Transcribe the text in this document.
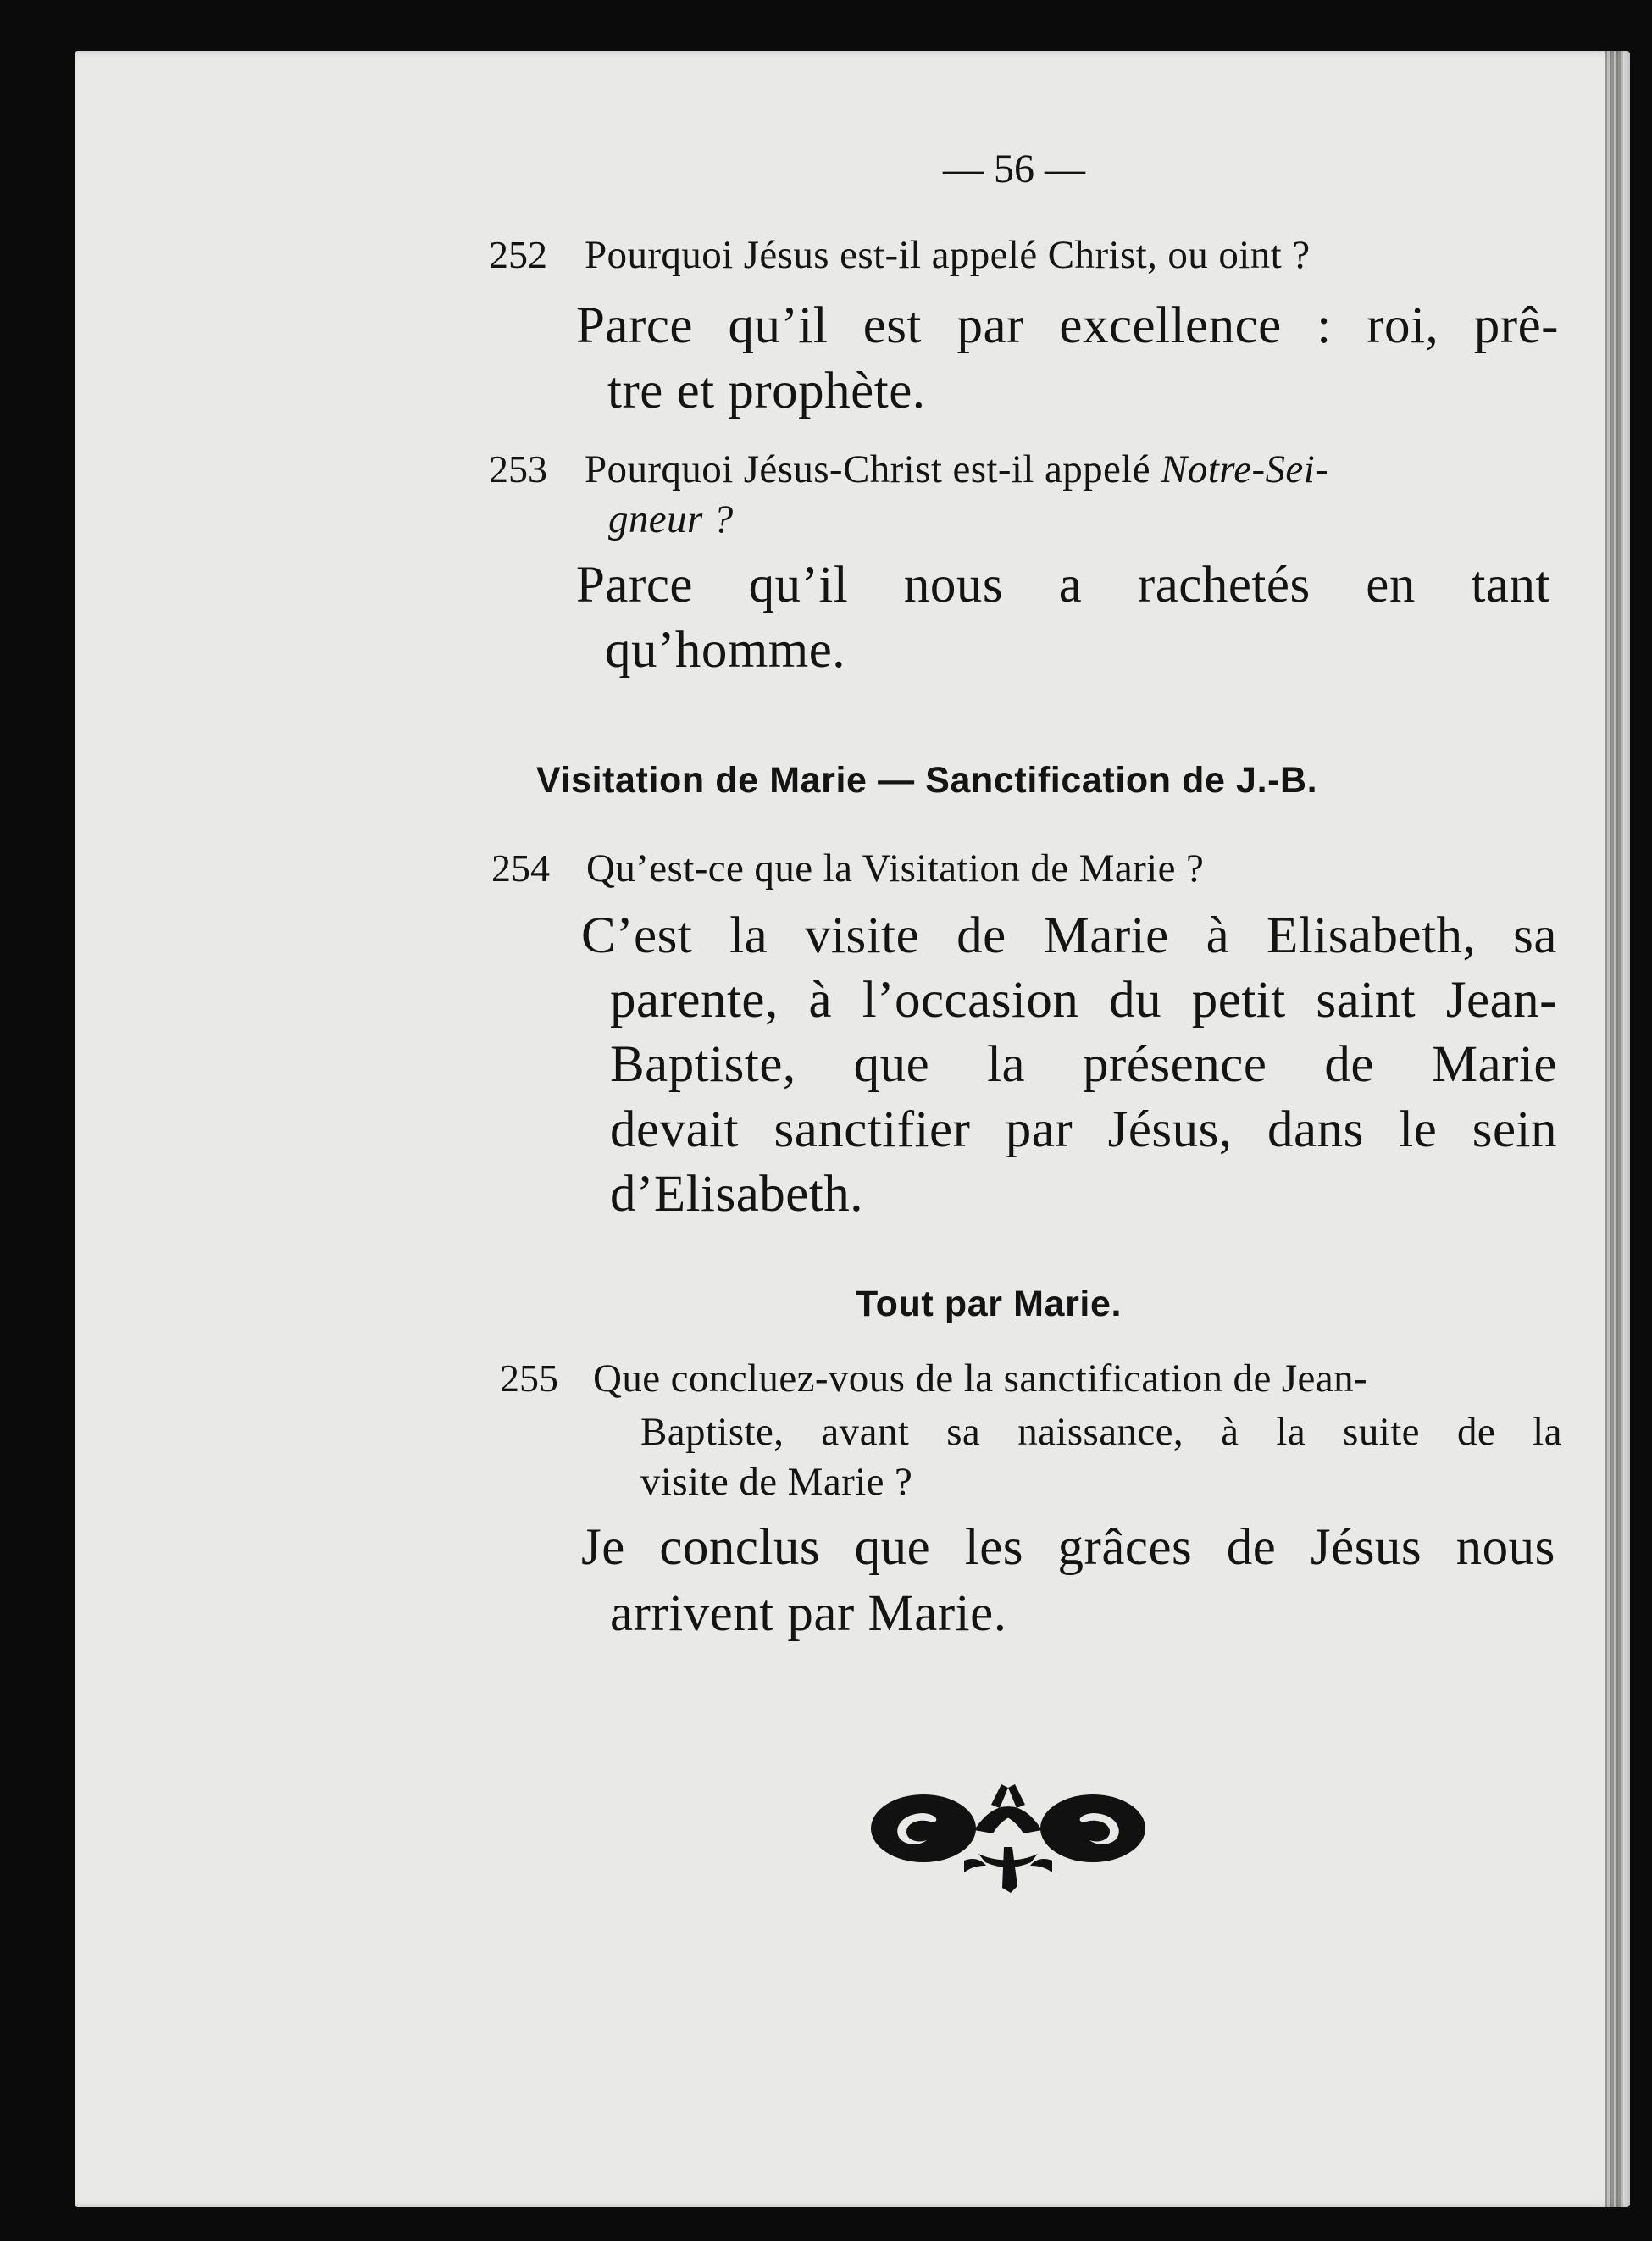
— 56 —
252 Pourquoi Jésus est-il appelé Christ, ou oint ?
Parce qu’il est par excellence : roi, prê-
tre et prophète.
253 Pourquoi Jésus-Christ est-il appelé Notre-Sei-
gneur ?
Parce qu’il nous a rachetés en tant
qu’homme.
Visitation de Marie — Sanctification de J.-B.
254 Qu’est-ce que la Visitation de Marie ?
C’est la visite de Marie à Elisabeth, sa
parente, à l’occasion du petit saint Jean-
Baptiste, que la présence de Marie
devait sanctifier par Jésus, dans le sein
d’Elisabeth.
Tout par Marie.
255 Que concluez-vous de la sanctification de Jean-
Baptiste, avant sa naissance, à la suite de la
visite de Marie ?
Je conclus que les grâces de Jésus nous
arrivent par Marie.
